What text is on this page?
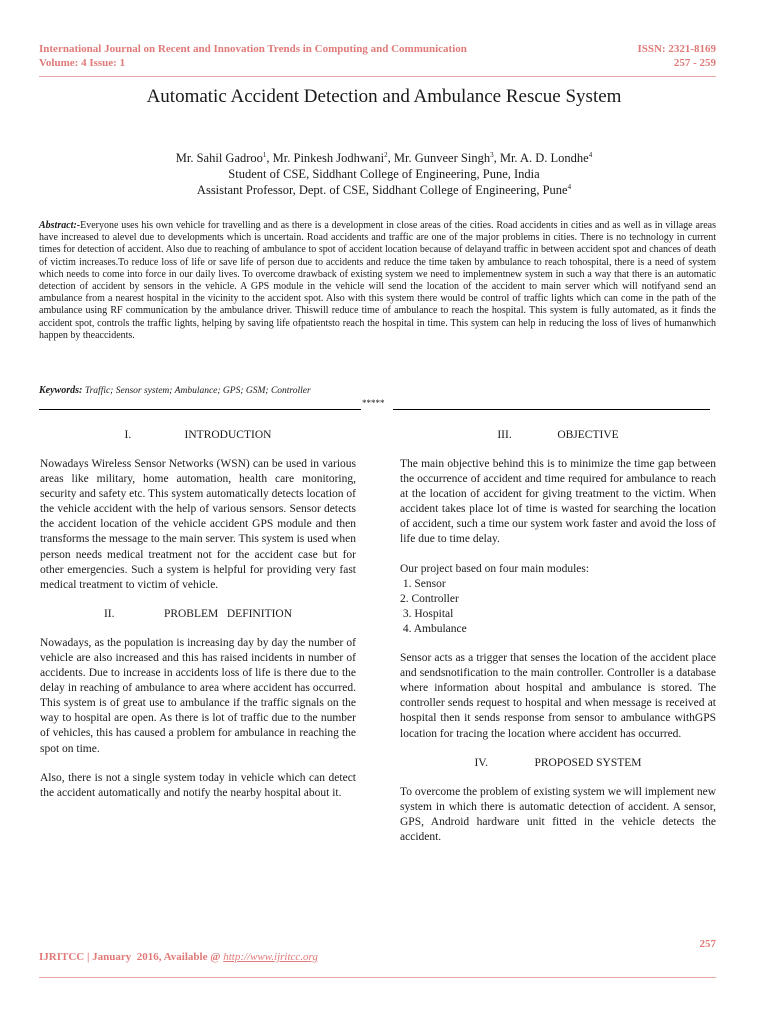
International Journal on Recent and Innovation Trends in Computing and Communication
Volume: 4 Issue: 1
ISSN: 2321-8169
257 - 259
Automatic Accident Detection and Ambulance Rescue System
Mr. Sahil Gadroo$^1$, Mr. Pinkesh Jodhwani$^2$, Mr. Gunveer Singh$^3$, Mr. A. D. Londhe$^4$
Student of CSE, Siddhant College of Engineering, Pune, India
Assistant Professor, Dept. of CSE, Siddhant College of Engineering, Pune$^4$
Abstract:-Everyone uses his own vehicle for travelling and as there is a development in close areas of the cities. Road accidents in cities and as well as in village areas have increased to alevel due to developments which is uncertain. Road accidents and traffic are one of the major problems in cities. There is no technology in current times for detection of accident. Also due to reaching of ambulance to spot of accident location because of delayand traffic in between accident spot and chances of death of victim increases.To reduce loss of life or save life of person due to accidents and reduce the time taken by ambulance to reach tohospital, there is a need of system which needs to come into force in our daily lives. To overcome drawback of existing system we need to implementnew system in such a way that there is an automatic detection of accident by sensors in the vehicle. A GPS module in the vehicle will send the location of the accident to main server which will notifyand send an ambulance from a nearest hospital in the vicinity to the accident spot. Also with this system there would be control of traffic lights which can come in the path of the ambulance using RF communication by the ambulance driver. Thiswill reduce time of ambulance to reach the hospital. This system is fully automated, as it finds the accident spot, controls the traffic lights, helping by saving life ofpatientsto reach the hospital in time. This system can help in reducing the loss of lives of humanwhich happen by theaccidents.
Keywords: Traffic; Sensor system; Ambulance; GPS; GSM; Controller
*****
I.	INTRODUCTION

Nowadays Wireless Sensor Networks (WSN) can be used in various areas like military, home automation, health care monitoring, security and safety etc. This system automatically detects location of the vehicle accident with the help of various sensors. Sensor detects the accident location of the vehicle accident GPS module and then transforms the message to the main server. This system is used when person needs medical treatment not for the accident case but for other emergencies. Such a system is helpful for providing very fast medical treatment to victim of vehicle.

II.	PROBLEM   DEFINITION

Nowadays, as the population is increasing day by day the number of vehicle are also increased and this has raised incidents in number of accidents. Due to increase in accidents loss of life is there due to the delay in reaching of ambulance to area where accident has occurred. This system is of great use to ambulance if the traffic signals on the way to hospital are open. As there is lot of traffic due to the number of vehicles, this has caused a problem for ambulance in reaching the spot on time.

Also, there is not a single system today in vehicle which can detect the accident automatically and notify the nearby hospital about it.

III.	OBJECTIVE

The main objective behind this is to minimize the time gap between the occurrence of accident and time required for ambulance to reach at the location of accident for giving treatment to the victim. When accident takes place lot of time is wasted for searching the location of accident, such a time our system work faster and avoid the loss of life due to time delay.

Our project based on four main modules:

1. Sensor
2. Controller
3. Hospital
4. Ambulance

Sensor acts as a trigger that senses the location of the accident place and sendsnotification to the main controller. Controller is a database where information about hospital and ambulance is stored. The controller sends request to hospital and when message is received at hospital then it sends response from sensor to ambulance withGPS location for tracing the location where accident has occurred.

IV.	PROPOSED SYSTEM

To overcome the problem of existing system we will implement new system in which there is automatic detection of accident. A sensor, GPS, Android hardware unit fitted in the vehicle detects the accident.

257
IJRITCC | January  2016, Available @ http://www.ijritcc.org
